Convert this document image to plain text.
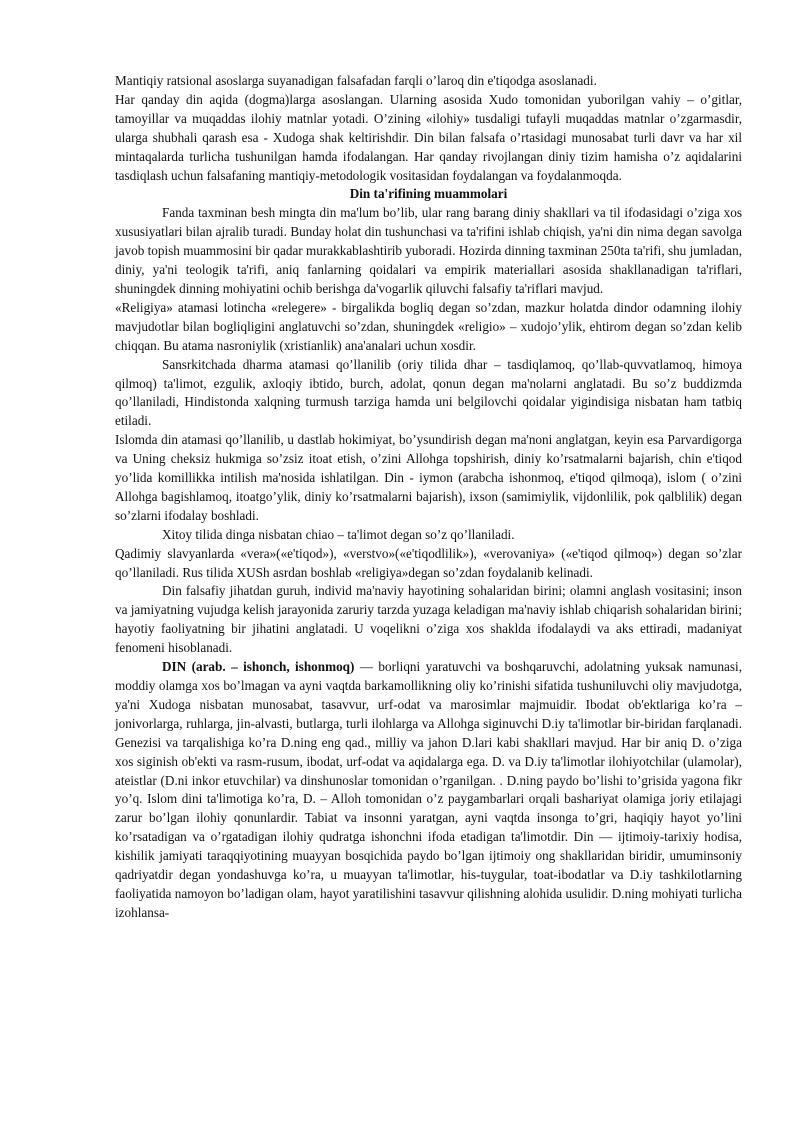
Mantiqiy ratsional asoslarga suyanadigan falsafadan farqli o’laroq din e'tiqodga asoslanadi.

Har qanday din aqida (dogma)larga asoslangan. Ularning asosida Xudo tomonidan yuborilgan vahiy – o’gitlar, tamoyillar va muqaddas ilohiy matnlar yotadi. O’zining «ilohiy» tusdaligi tufayli muqaddas matnlar o’zgarmasdir, ularga shubhali qarash esa - Xudoga shak keltirishdir. Din bilan falsafa o’rtasidagi munosabat turli davr va har xil mintaqalarda turlicha tushunilgan hamda ifodalangan. Har qanday rivojlangan diniy tizim hamisha o’z aqidalarini tasdiqlash uchun falsafaning mantiqiy-metodologik vositasidan foydalangan va foydalanmoqda.

Din ta'rifining muammolari

Fanda taxminan besh mingta din ma'lum bo’lib, ular rang barang diniy shakllari va til ifodasidagi o’ziga xos xususiyatlari bilan ajralib turadi. Bunday holat din tushunchasi va ta'rifini ishlab chiqish, ya'ni din nima degan savolga javob topish muammosini bir qadar murakkablashtirib yuboradi. Hozirda dinning taxminan 250ta ta'rifi, shu jumladan, diniy, ya'ni teologik ta'rifi, aniq fanlarning qoidalari va empirik materiallari asosida shakllanadigan ta'riflari, shuningdek dinning mohiyatini ochib berishga da'vogarlik qiluvchi falsafiy ta'riflari mavjud.

«Religiya» atamasi lotincha «relegere» - birgalikda bogliq degan so’zdan, mazkur holatda dindor odamning ilohiy mavjudotlar bilan bogliqligini anglatuvchi so’zdan, shuningdek «religio» – xudojo’ylik, ehtirom degan so’zdan kelib chiqqan. Bu atama nasroniylik (xristianlik) ana'analari uchun xosdir.

Sansrkitchada dharma atamasi qo’llanilib (oriy tilida dhar – tasdiqlamoq, qo’llab-quvvatlamoq, himoya qilmoq) ta'limot, ezgulik, axloqiy ibtido, burch, adolat, qonun degan ma'nolarni anglatadi. Bu so’z buddizmda qo’llaniladi, Hindistonda xalqning turmush tarziga hamda uni belgilovchi qoidalar yigindisiga nisbatan ham tatbiq etiladi.

Islomda din atamasi qo’llanilib, u dastlab hokimiyat, bo’ysundirish degan ma'noni anglatgan, keyin esa Parvardigorga va Uning cheksiz hukmiga so’zsiz itoat etish, o’zini Allohga topshirish, diniy ko’rsatmalarni bajarish, chin e'tiqod yo’lida komillikka intilish ma'nosida ishlatilgan. Din - iymon (arabcha ishonmoq, e'tiqod qilmoqa), islom ( o’zini Allohga bagishlamoq, itoatgo’ylik, diniy ko’rsatmalarni bajarish), ixson (samimiylik, vijdonlilik, pok qalblilik) degan so’zlarni ifodalay boshladi.

Xitoy tilida dinga nisbatan chiao – ta'limot degan so’z qo’llaniladi.

Qadimiy slavyanlarda «vera»(«e'tiqod»), «verstvo»(«e'tiqodlilik»), «verovaniya» («e'tiqod qilmoq») degan so’zlar qo’llaniladi. Rus tilida XUSh asrdan boshlab «religiya»degan so’zdan foydalanib kelinadi.

Din falsafiy jihatdan guruh, individ ma'naviy hayotining sohalaridan birini; olamni anglash vositasini; inson va jamiyatning vujudga kelish jarayonida zaruriy tarzda yuzaga keladigan ma'naviy ishlab chiqarish sohalaridan birini; hayotiy faoliyatning bir jihatini anglatadi. U voqelikni o’ziga xos shaklda ifodalaydi va aks ettiradi, madaniyat fenomeni hisoblanadi.

DIN (arab. – ishonch, ishonmoq) — borliqni yaratuvchi va boshqaruvchi, adolatning yuksak namunasi, moddiy olamga xos bo’lmagan va ayni vaqtda barkamollikning oliy ko’rinishi sifatida tushuniluvchi oliy mavjudotga, ya'ni Xudoga nisbatan munosabat, tasavvur, urf-odat va marosimlar majmuidir. Ibodat ob'ektlariga ko’ra – jonivorlarga, ruhlarga, jin-alvasti, butlarga, turli ilohlarga va Allohga siginuvchi D.iy ta'limotlar bir-biridan farqlanadi. Genezisi va tarqalishiga ko’ra D.ning eng qad., milliy va jahon D.lari kabi shakllari mavjud. Har bir aniq D. o’ziga xos siginish ob'ekti va rasm-rusum, ibodat, urf-odat va aqidalarga ega. D. va D.iy ta'limotlar ilohiyotchilar (ulamolar), ateistlar (D.ni inkor etuvchilar) va dinshunoslar tomonidan o’rganilgan. . D.ning paydo bo’lishi to’grisida yagona fikr yo’q. Islom dini ta'limotiga ko’ra, D. – Alloh tomonidan o’z paygambarlari orqali bashariyat olamiga joriy etilajagi zarur bo’lgan ilohiy qonunlardir. Tabiat va insonni yaratgan, ayni vaqtda insonga to’gri, haqiqiy hayot yo’lini ko’rsatadigan va o’rgatadigan ilohiy qudratga ishonchni ifoda etadigan ta'limotdir. Din — ijtimoiy-tarixiy hodisa, kishilik jamiyati taraqqiyotining muayyan bosqichida paydo bo’lgan ijtimoiy ong shakllaridan biridir, umuminsoniy qadriyatdir degan yondashuvga ko’ra, u muayyan ta'limotlar, his-tuygular, toat-ibodatlar va D.iy tashkilotlarning faoliyatida namoyon bo’ladigan olam, hayot yaratilishini tasavvur qilishning alohida usulidir. D.ning mohiyati turlicha izohlansa-
